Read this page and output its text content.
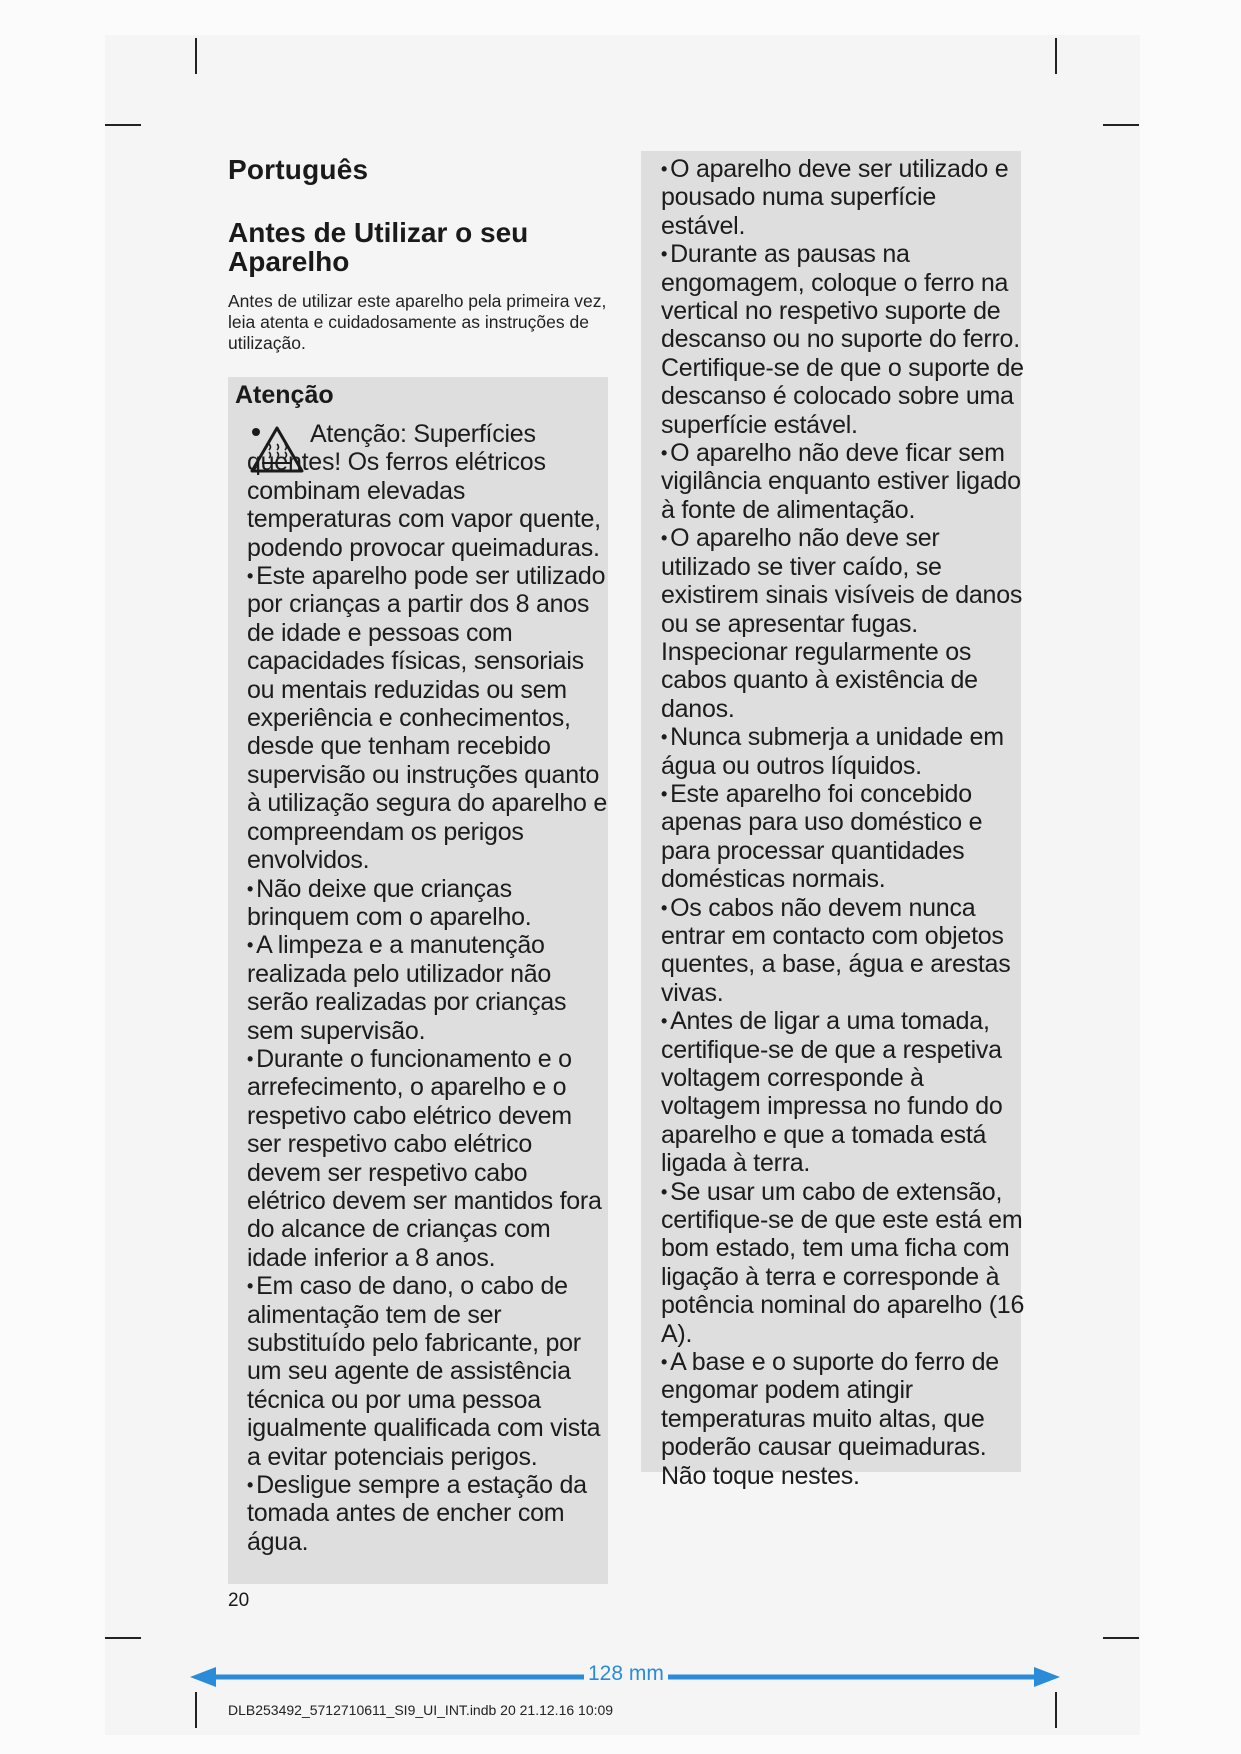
Português
Antes de Utilizar o seu Aparelho

Antes de utilizar este aparelho pela primeira vez, leia atenta e cuidadosamente as instruções de utilização.

Atenção

Atenção: Superfícies quentes! Os ferros elétricos combinam elevadas temperaturas com vapor quente, podendo provocar queimaduras.

• Este aparelho pode ser utilizado por crianças a partir dos 8 anos de idade e pessoas com capacidades físicas, sensoriais ou mentais reduzidas ou sem experiência e conhecimentos, desde que tenham recebido supervisão ou instruções quanto à utilização segura do aparelho e compreendam os perigos envolvidos.

• Não deixe que crianças brinquem com o aparelho.

• A limpeza e a manutenção realizada pelo utilizador não serão realizadas por crianças sem supervisão.

• Durante o funcionamento e o arrefecimento, o aparelho e o respetivo cabo elétrico devem ser respetivo cabo elétrico devem ser respetivo cabo elétrico devem ser mantidos fora do alcance de crianças com idade inferior a 8 anos.

• Em caso de dano, o cabo de alimentação tem de ser substituído pelo fabricante, por um seu agente de assistência técnica ou por uma pessoa igualmente qualificada com vista a evitar potenciais perigos.

• Desligue sempre a estação da tomada antes de encher com água.

• O aparelho deve ser utilizado e pousado numa superfície estável.

• Durante as pausas na engomagem, coloque o ferro na vertical no respetivo suporte de descanso ou no suporte do ferro. Certifique-se de que o suporte de descanso é colocado sobre uma superfície estável.

• O aparelho não deve ficar sem vigilância enquanto estiver ligado à fonte de alimentação.

• O aparelho não deve ser utilizado se tiver caído, se existirem sinais visíveis de danos ou se apresentar fugas. Inspecionar regularmente os cabos quanto à existência de danos.

• Nunca submerja a unidade em água ou outros líquidos.

• Este aparelho foi concebido apenas para uso doméstico e para processar quantidades domésticas normais.

• Os cabos não devem nunca entrar em contacto com objetos quentes, a base, água e arestas vivas.

• Antes de ligar a uma tomada, certifique-se de que a respetiva voltagem corresponde à voltagem impressa no fundo do aparelho e que a tomada está ligada à terra.

• Se usar um cabo de extensão, certifique-se de que este está em bom estado, tem uma ficha com ligação à terra e corresponde à potência nominal do aparelho (16 A).

• A base e o suporte do ferro de engomar podem atingir temperaturas muito altas, que poderão causar queimaduras. Não toque nestes.

20

128 mm

DLB253492_5712710611_SI9_UI_INT.indb 20 21.12.16 10:09
